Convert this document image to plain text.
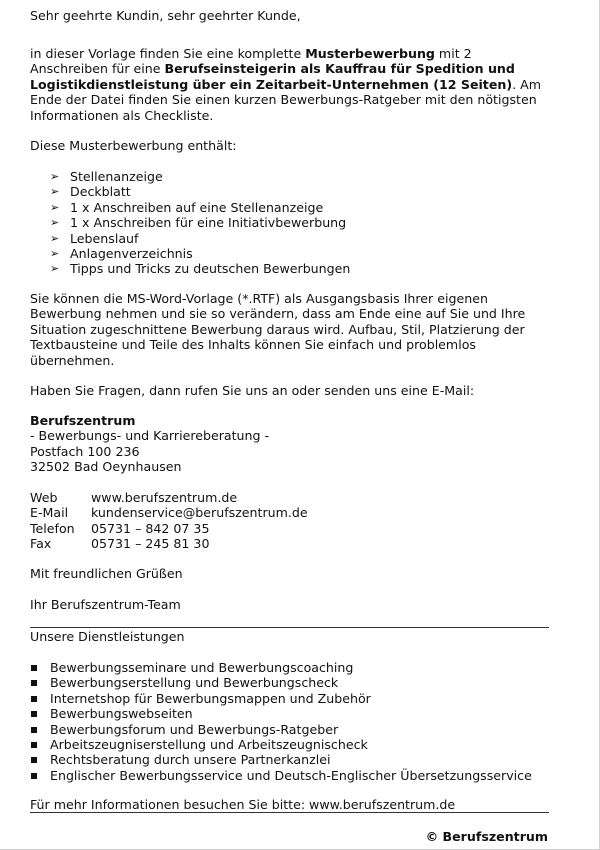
Sehr geehrte Kundin, sehr geehrter Kunde,
in dieser Vorlage finden Sie eine komplette Musterbewerbung mit 2
Anschreiben für eine Berufseinsteigerin als Kauffrau für Spedition und
Logistikdienstleistung über ein Zeitarbeit-Unternehmen (12 Seiten). Am
Ende der Datei finden Sie einen kurzen Bewerbungs-Ratgeber mit den nötigsten
Informationen als Checkliste.
Diese Musterbewerbung enthält:
➢ Stellenanzeige
➢ Deckblatt
➢ 1 x Anschreiben auf eine Stellenanzeige
➢ 1 x Anschreiben für eine Initiativbewerbung
➢ Lebenslauf
➢ Anlagenverzeichnis
➢ Tipps und Tricks zu deutschen Bewerbungen
Sie können die MS-Word-Vorlage (*.RTF) als Ausgangsbasis Ihrer eigenen
Bewerbung nehmen und sie so verändern, dass am Ende eine auf Sie und Ihre
Situation zugeschnittene Bewerbung daraus wird. Aufbau, Stil, Platzierung der
Textbausteine und Teile des Inhalts können Sie einfach und problemlos
übernehmen.
Haben Sie Fragen, dann rufen Sie uns an oder senden uns eine E-Mail:
Berufszentrum
- Bewerbungs- und Karriereberatung -
Postfach 100 236
32502 Bad Oeynhausen
Web	www.berufszentrum.de
E-Mail	kundenservice@berufszentrum.de
Telefon	05731 – 842 07 35
Fax	05731 – 245 81 30
Mit freundlichen Grüßen
Ihr Berufszentrum-Team
Unsere Dienstleistungen
Bewerbungsseminare und Bewerbungscoaching
Bewerbungserstellung und Bewerbungscheck
Internetshop für Bewerbungsmappen und Zubehör
Bewerbungswebseiten
Bewerbungsforum und Bewerbungs-Ratgeber
Arbeitszeugniserstellung und Arbeitszeugnischeck
Rechtsberatung durch unsere Partnerkanzlei
Englischer Bewerbungsservice und Deutsch-Englischer Übersetzungsservice
Für mehr Informationen besuchen Sie bitte: www.berufszentrum.de
© Berufszentrum
